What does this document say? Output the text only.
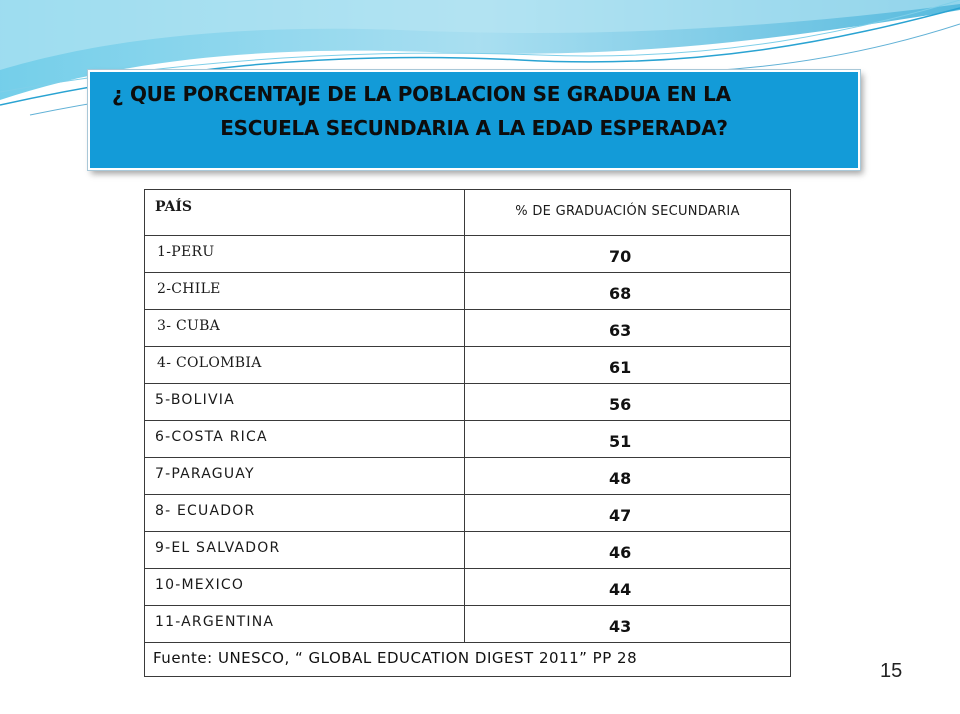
¿ QUE PORCENTAJE DE LA POBLACION SE GRADUA EN LA
ESCUELA SECUNDARIA A LA EDAD ESPERADA?
PAÍS	% DE GRADUACIÓN SECUNDARIA

1-PERU	70

2-CHILE	68

3- CUBA	63

4- COLOMBIA	61

5-BOLIVIA	56

6-COSTA RICA	51

7-PARAGUAY	48

8- ECUADOR	47

9-EL SALVADOR	46

10-MEXICO	44

11-ARGENTINA	43

Fuente: UNESCO, “ GLOBAL EDUCATION DIGEST 2011” PP 28	
15
